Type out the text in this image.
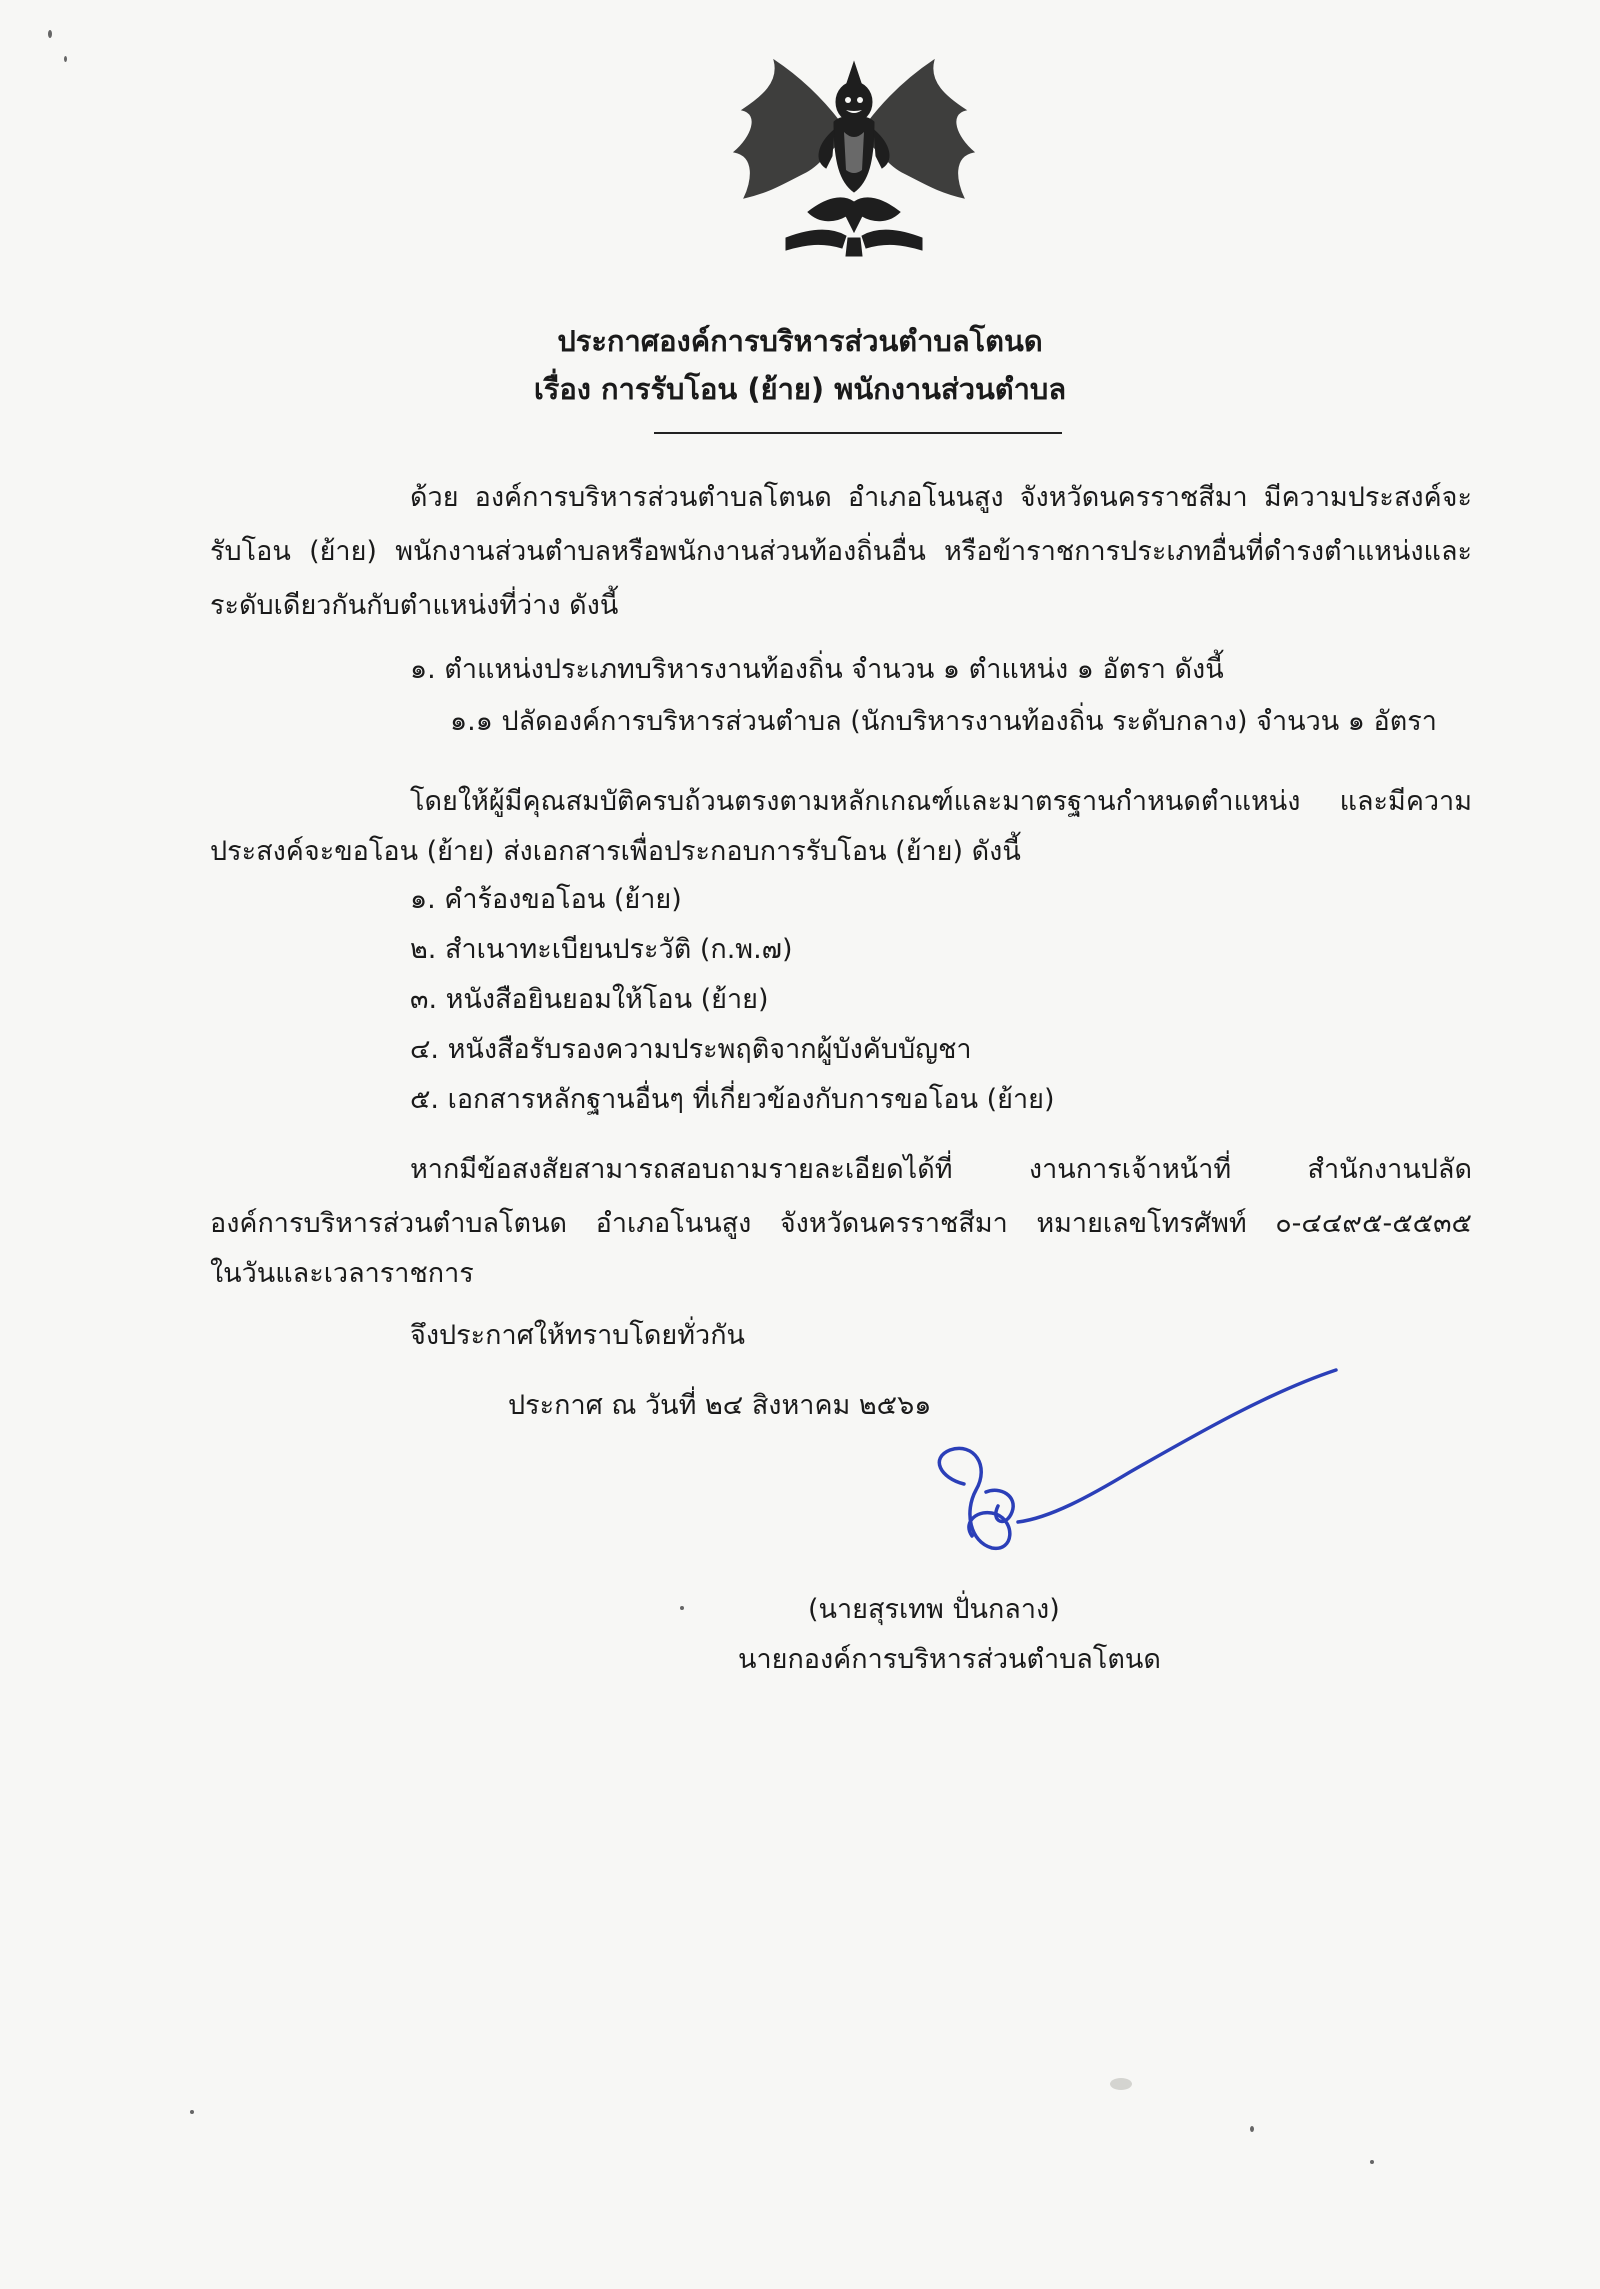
ประกาศองค์การบริหารส่วนตำบลโตนด
เรื่อง การรับโอน (ย้าย) พนักงานส่วนตำบล
ด้วย องค์การบริหารส่วนตำบลโตนด อำเภอโนนสูง จังหวัดนครราชสีมา มีความประสงค์จะ
รับโอน (ย้าย) พนักงานส่วนตำบลหรือพนักงานส่วนท้องถิ่นอื่น หรือข้าราชการประเภทอื่นที่ดำรงตำแหน่งและ
ระดับเดียวกันกับตำแหน่งที่ว่าง ดังนี้
๑. ตำแหน่งประเภทบริหารงานท้องถิ่น จำนวน ๑ ตำแหน่ง ๑ อัตรา ดังนี้
๑.๑ ปลัดองค์การบริหารส่วนตำบล (นักบริหารงานท้องถิ่น ระดับกลาง) จำนวน ๑ อัตรา
โดยให้ผู้มีคุณสมบัติครบถ้วนตรงตามหลักเกณฑ์และมาตรฐานกำหนดตำแหน่ง และมีความ
ประสงค์จะขอโอน (ย้าย) ส่งเอกสารเพื่อประกอบการรับโอน (ย้าย) ดังนี้
๑. คำร้องขอโอน (ย้าย)
๒. สำเนาทะเบียนประวัติ (ก.พ.๗)
๓. หนังสือยินยอมให้โอน (ย้าย)
๔. หนังสือรับรองความประพฤติจากผู้บังคับบัญชา
๕. เอกสารหลักฐานอื่นๆ ที่เกี่ยวข้องกับการขอโอน (ย้าย)
หากมีข้อสงสัยสามารถสอบถามรายละเอียดได้ที่ งานการเจ้าหน้าที่ สำนักงานปลัด
องค์การบริหารส่วนตำบลโตนด อำเภอโนนสูง จังหวัดนครราชสีมา หมายเลขโทรศัพท์ ๐-๔๔๙๕-๕๕๓๕
ในวันและเวลาราชการ
จึงประกาศให้ทราบโดยทั่วกัน
ประกาศ ณ วันที่ ๒๔ สิงหาคม ๒๕๖๑
(นายสุรเทพ ปั่นกลาง)
นายกองค์การบริหารส่วนตำบลโตนด
